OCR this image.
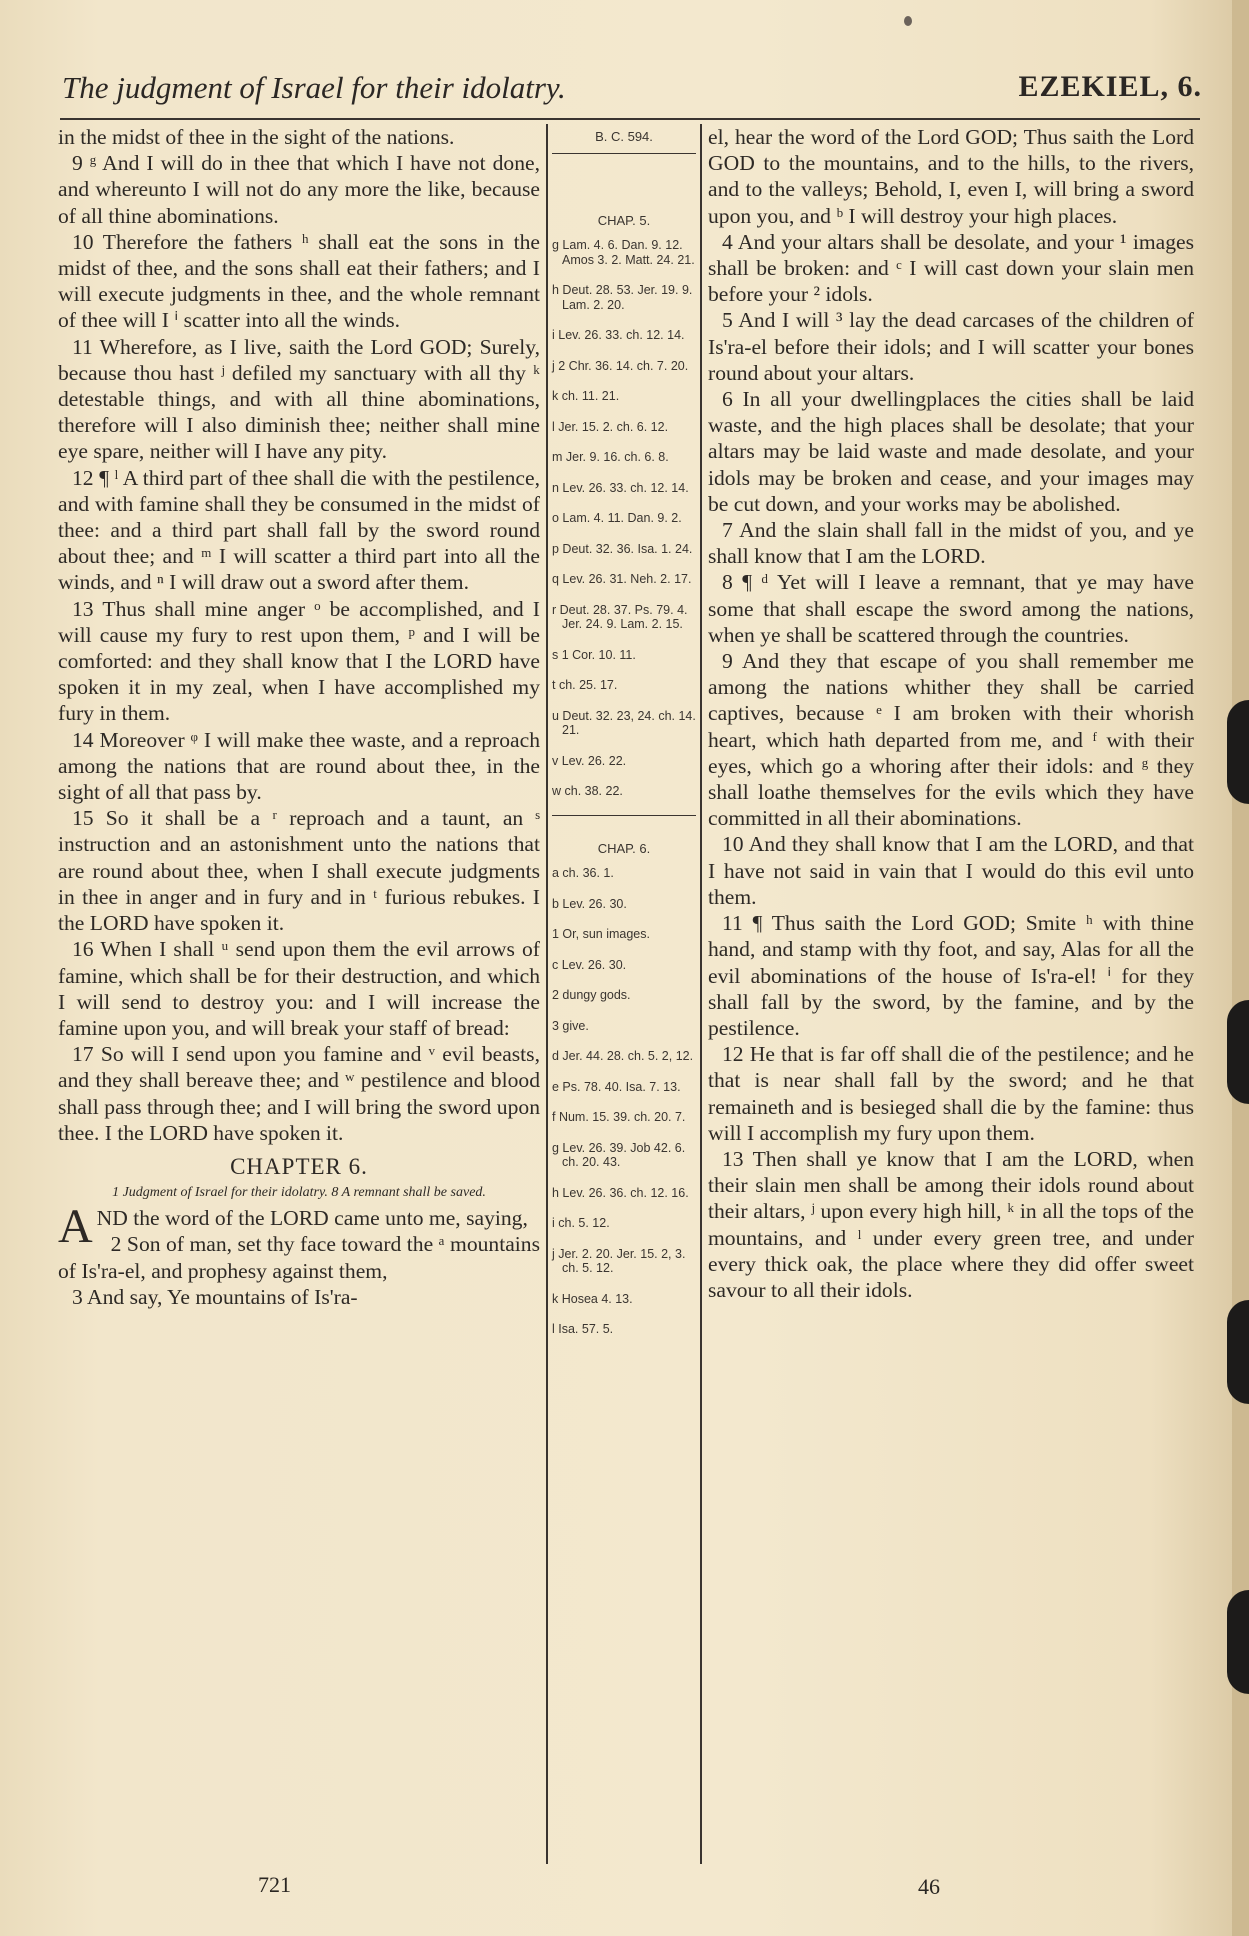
The judgment of Israel for their idolatry.	EZEKIEL, 6.

in the midst of thee in the sight of the nations.

9 ᵍ And I will do in thee that which I have not done, and whereunto I will not do any more the like, because of all thine abominations.

10 Therefore the fathers ʰ shall eat the sons in the midst of thee, and the sons shall eat their fathers; and I will execute judgments in thee, and the whole remnant of thee will I ⁱ scatter into all the winds.

11 Wherefore, as I live, saith the Lord GOD; Surely, because thou hast ʲ defiled my sanctuary with all thy ᵏ detestable things, and with all thine abominations, therefore will I also diminish thee; neither shall mine eye spare, neither will I have any pity.

12 ¶ ˡ A third part of thee shall die with the pestilence, and with famine shall they be consumed in the midst of thee: and a third part shall fall by the sword round about thee; and ᵐ I will scatter a third part into all the winds, and ⁿ I will draw out a sword after them.

13 Thus shall mine anger ᵒ be accomplished, and I will cause my fury to rest upon them, ᵖ and I will be comforted: and they shall know that I the LORD have spoken it in my zeal, when I have accomplished my fury in them.

14 Moreover ᵠ I will make thee waste, and a reproach among the nations that are round about thee, in the sight of all that pass by.

15 So it shall be a ʳ reproach and a taunt, an ˢ instruction and an astonishment unto the nations that are round about thee, when I shall execute judgments in thee in anger and in fury and in ᵗ furious rebukes. I the LORD have spoken it.

16 When I shall ᵘ send upon them the evil arrows of famine, which shall be for their destruction, and which I will send to destroy you: and I will increase the famine upon you, and will break your staff of bread:

17 So will I send upon you famine and ᵛ evil beasts, and they shall bereave thee; and ʷ pestilence and blood shall pass through thee; and I will bring the sword upon thee. I the LORD have spoken it.

CHAPTER 6.
1 Judgment of Israel for their idolatry. 8 A remnant shall be saved.

AND the word of the LORD came unto me, saying,

2 Son of man, set thy face toward the ᵃ mountains of Is'ra-el, and prophesy against them,

3 And say, Ye mountains of Is'ra-

B. C. 594.
CHAP. 5.
g Lam. 4. 6. Dan. 9. 12. Amos 3. 2. Matt. 24. 21.
h Deut. 28. 53. Jer. 19. 9. Lam. 2. 20.
i Lev. 26. 33. ch. 12. 14.
j 2 Chr. 36. 14. ch. 7. 20.
k ch. 11. 21.
l Jer. 15. 2. ch. 6. 12.
m Jer. 9. 16. ch. 6. 8.
n Lev. 26. 33. ch. 12. 14.
o Lam. 4. 11. Dan. 9. 2.
p Deut. 32. 36. Isa. 1. 24.
q Lev. 26. 31. Neh. 2. 17.
r Deut. 28. 37. Ps. 79. 4. Jer. 24. 9. Lam. 2. 15.
s 1 Cor. 10. 11.
t ch. 25. 17.
u Deut. 32. 23, 24. ch. 14. 21.
v Lev. 26. 22.
w ch. 38. 22.
CHAP. 6.
a ch. 36. 1.
b Lev. 26. 30.
1 Or, sun images.
c Lev. 26. 30.
2 dungy gods.
3 give.
d Jer. 44. 28. ch. 5. 2, 12.
e Ps. 78. 40. Isa. 7. 13.
f Num. 15. 39. ch. 20. 7.
g Lev. 26. 39. Job 42. 6. ch. 20. 43.
h Lev. 26. 36. ch. 12. 16.
i ch. 5. 12.
j Jer. 2. 20. Jer. 15. 2, 3. ch. 5. 12.
k Hosea 4. 13.
l Isa. 57. 5.

el, hear the word of the Lord GOD; Thus saith the Lord GOD to the mountains, and to the hills, to the rivers, and to the valleys; Behold, I, even I, will bring a sword upon you, and ᵇ I will destroy your high places.

4 And your altars shall be desolate, and your ¹ images shall be broken: and ᶜ I will cast down your slain men before your ² idols.

5 And I will ³ lay the dead carcases of the children of Is'ra-el before their idols; and I will scatter your bones round about your altars.

6 In all your dwellingplaces the cities shall be laid waste, and the high places shall be desolate; that your altars may be laid waste and made desolate, and your idols may be broken and cease, and your images may be cut down, and your works may be abolished.

7 And the slain shall fall in the midst of you, and ye shall know that I am the LORD.

8 ¶ ᵈ Yet will I leave a remnant, that ye may have some that shall escape the sword among the nations, when ye shall be scattered through the countries.

9 And they that escape of you shall remember me among the nations whither they shall be carried captives, because ᵉ I am broken with their whorish heart, which hath departed from me, and ᶠ with their eyes, which go a whoring after their idols: and ᵍ they shall loathe themselves for the evils which they have committed in all their abominations.

10 And they shall know that I am the LORD, and that I have not said in vain that I would do this evil unto them.

11 ¶ Thus saith the Lord GOD; Smite ʰ with thine hand, and stamp with thy foot, and say, Alas for all the evil abominations of the house of Is'ra-el! ⁱ for they shall fall by the sword, by the famine, and by the pestilence.

12 He that is far off shall die of the pestilence; and he that is near shall fall by the sword; and he that remaineth and is besieged shall die by the famine: thus will I accomplish my fury upon them.

13 Then shall ye know that I am the LORD, when their slain men shall be among their idols round about their altars, ʲ upon every high hill, ᵏ in all the tops of the mountains, and ˡ under every green tree, and under every thick oak, the place where they did offer sweet savour to all their idols.

721	46
